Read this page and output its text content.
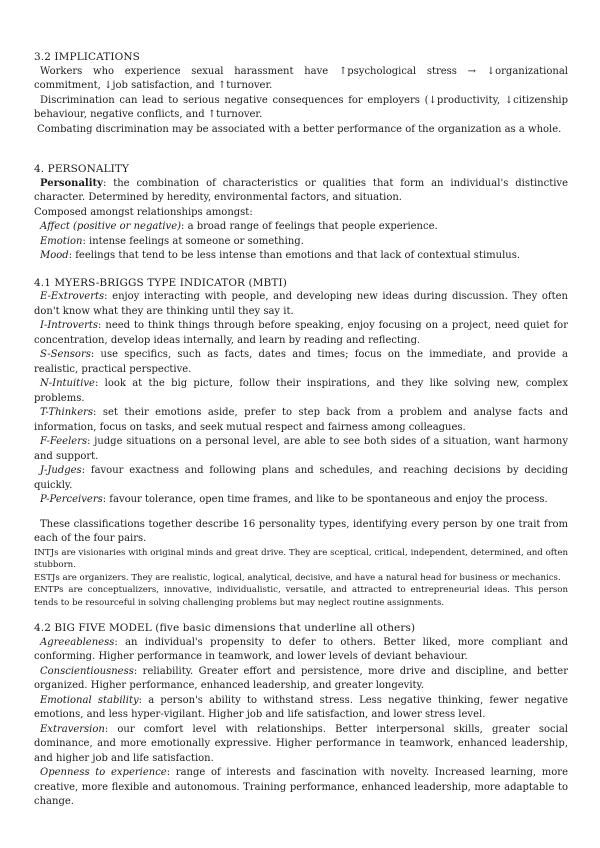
3.2 IMPLICATIONS

Workers who experience sexual harassment have ↑psychological stress → ↓organizational commitment, ↓job satisfaction, and ↑turnover.

Discrimination can lead to serious negative consequences for employers (↓productivity, ↓citizenship behaviour, negative conflicts, and ↑turnover.

Combating discrimination may be associated with a better performance of the organization as a whole.

4. PERSONALITY

Personality: the combination of characteristics or qualities that form an individual's distinctive character. Determined by heredity, environmental factors, and situation.

Composed amongst relationships amongst:

Affect (positive or negative): a broad range of feelings that people experience.

Emotion: intense feelings at someone or something.

Mood: feelings that tend to be less intense than emotions and that lack of contextual stimulus.

4.1 MYERS-BRIGGS TYPE INDICATOR (MBTI)

E-Extroverts: enjoy interacting with people, and developing new ideas during discussion. They often don't know what they are thinking until they say it.

I-Introverts: need to think things through before speaking, enjoy focusing on a project, need quiet for concentration, develop ideas internally, and learn by reading and reflecting.

S-Sensors: use specifics, such as facts, dates and times; focus on the immediate, and provide a realistic, practical perspective.

N-Intuitive: look at the big picture, follow their inspirations, and they like solving new, complex problems.

T-Thinkers: set their emotions aside, prefer to step back from a problem and analyse facts and information, focus on tasks, and seek mutual respect and fairness among colleagues.

F-Feelers: judge situations on a personal level, are able to see both sides of a situation, want harmony and support.

J-Judges: favour exactness and following plans and schedules, and reaching decisions by deciding quickly.

P-Perceivers: favour tolerance, open time frames, and like to be spontaneous and enjoy the process.

These classifications together describe 16 personality types, identifying every person by one trait from each of the four pairs.

INTJs are visionaries with original minds and great drive. They are sceptical, critical, independent, determined, and often stubborn.

ESTJs are organizers. They are realistic, logical, analytical, decisive, and have a natural head for business or mechanics.

ENTPs are conceptualizers, innovative, individualistic, versatile, and attracted to entrepreneurial ideas. This person tends to be resourceful in solving challenging problems but may neglect routine assignments.

4.2 BIG FIVE MODEL (five basic dimensions that underline all others)

Agreeableness: an individual's propensity to defer to others. Better liked, more compliant and conforming. Higher performance in teamwork, and lower levels of deviant behaviour.

Conscientiousness: reliability. Greater effort and persistence, more drive and discipline, and better organized. Higher performance, enhanced leadership, and greater longevity.

Emotional stability: a person's ability to withstand stress. Less negative thinking, fewer negative emotions, and less hyper-vigilant. Higher job and life satisfaction, and lower stress level.

Extraversion: our comfort level with relationships. Better interpersonal skills, greater social dominance, and more emotionally expressive. Higher performance in teamwork, enhanced leadership, and higher job and life satisfaction.

Openness to experience: range of interests and fascination with novelty. Increased learning, more creative, more flexible and autonomous. Training performance, enhanced leadership, more adaptable to change.
